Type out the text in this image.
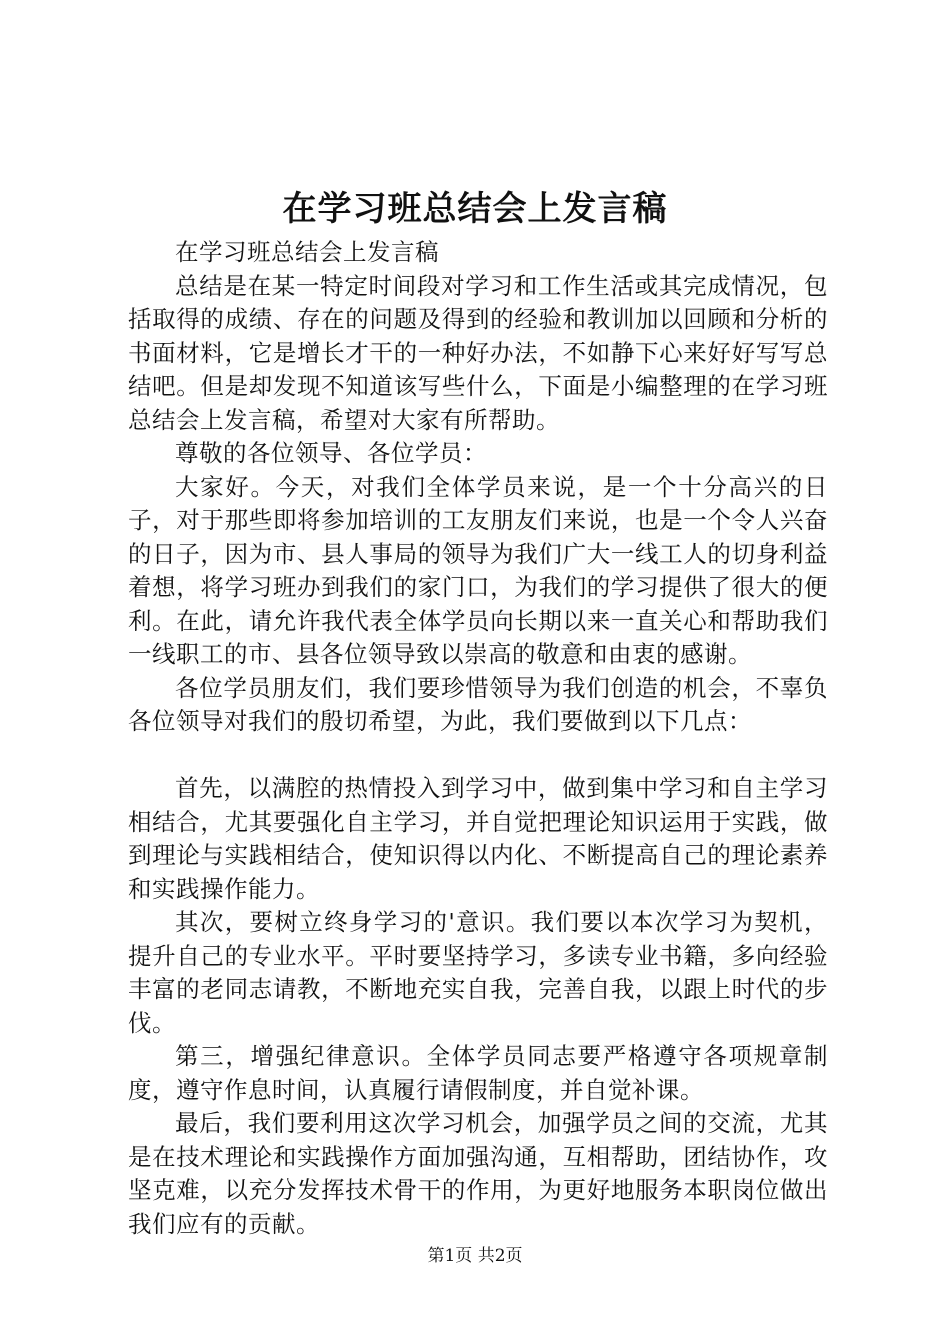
在学习班总结会上发言稿

在学习班总结会上发言稿

总结是在某一特定时间段对学习和工作生活或其完成情况，包括取得的成绩、存在的问题及得到的经验和教训加以回顾和分析的书面材料，它是增长才干的一种好办法，不如静下心来好好写写总结吧。但是却发现不知道该写些什么，下面是小编整理的在学习班总结会上发言稿，希望对大家有所帮助。

尊敬的各位领导、各位学员：

大家好。今天，对我们全体学员来说，是一个十分高兴的日子，对于那些即将参加培训的工友朋友们来说，也是一个令人兴奋的日子，因为市、县人事局的领导为我们广大一线工人的切身利益着想，将学习班办到我们的家门口，为我们的学习提供了很大的便利。在此，请允许我代表全体学员向长期以来一直关心和帮助我们一线职工的市、县各位领导致以崇高的敬意和由衷的感谢。

各位学员朋友们，我们要珍惜领导为我们创造的机会，不辜负各位领导对我们的殷切希望，为此，我们要做到以下几点：

首先，以满腔的热情投入到学习中，做到集中学习和自主学习相结合，尤其要强化自主学习，并自觉把理论知识运用于实践，做到理论与实践相结合，使知识得以内化、不断提高自己的理论素养和实践操作能力。

其次，要树立终身学习的'意识。我们要以本次学习为契机，提升自己的专业水平。平时要坚持学习，多读专业书籍，多向经验丰富的老同志请教，不断地充实自我，完善自我，以跟上时代的步伐。

第三，增强纪律意识。全体学员同志要严格遵守各项规章制度，遵守作息时间，认真履行请假制度，并自觉补课。

最后，我们要利用这次学习机会，加强学员之间的交流，尤其是在技术理论和实践操作方面加强沟通，互相帮助，团结协作，攻坚克难，以充分发挥技术骨干的作用，为更好地服务本职岗位做出我们应有的贡献。

第1页 共2页
